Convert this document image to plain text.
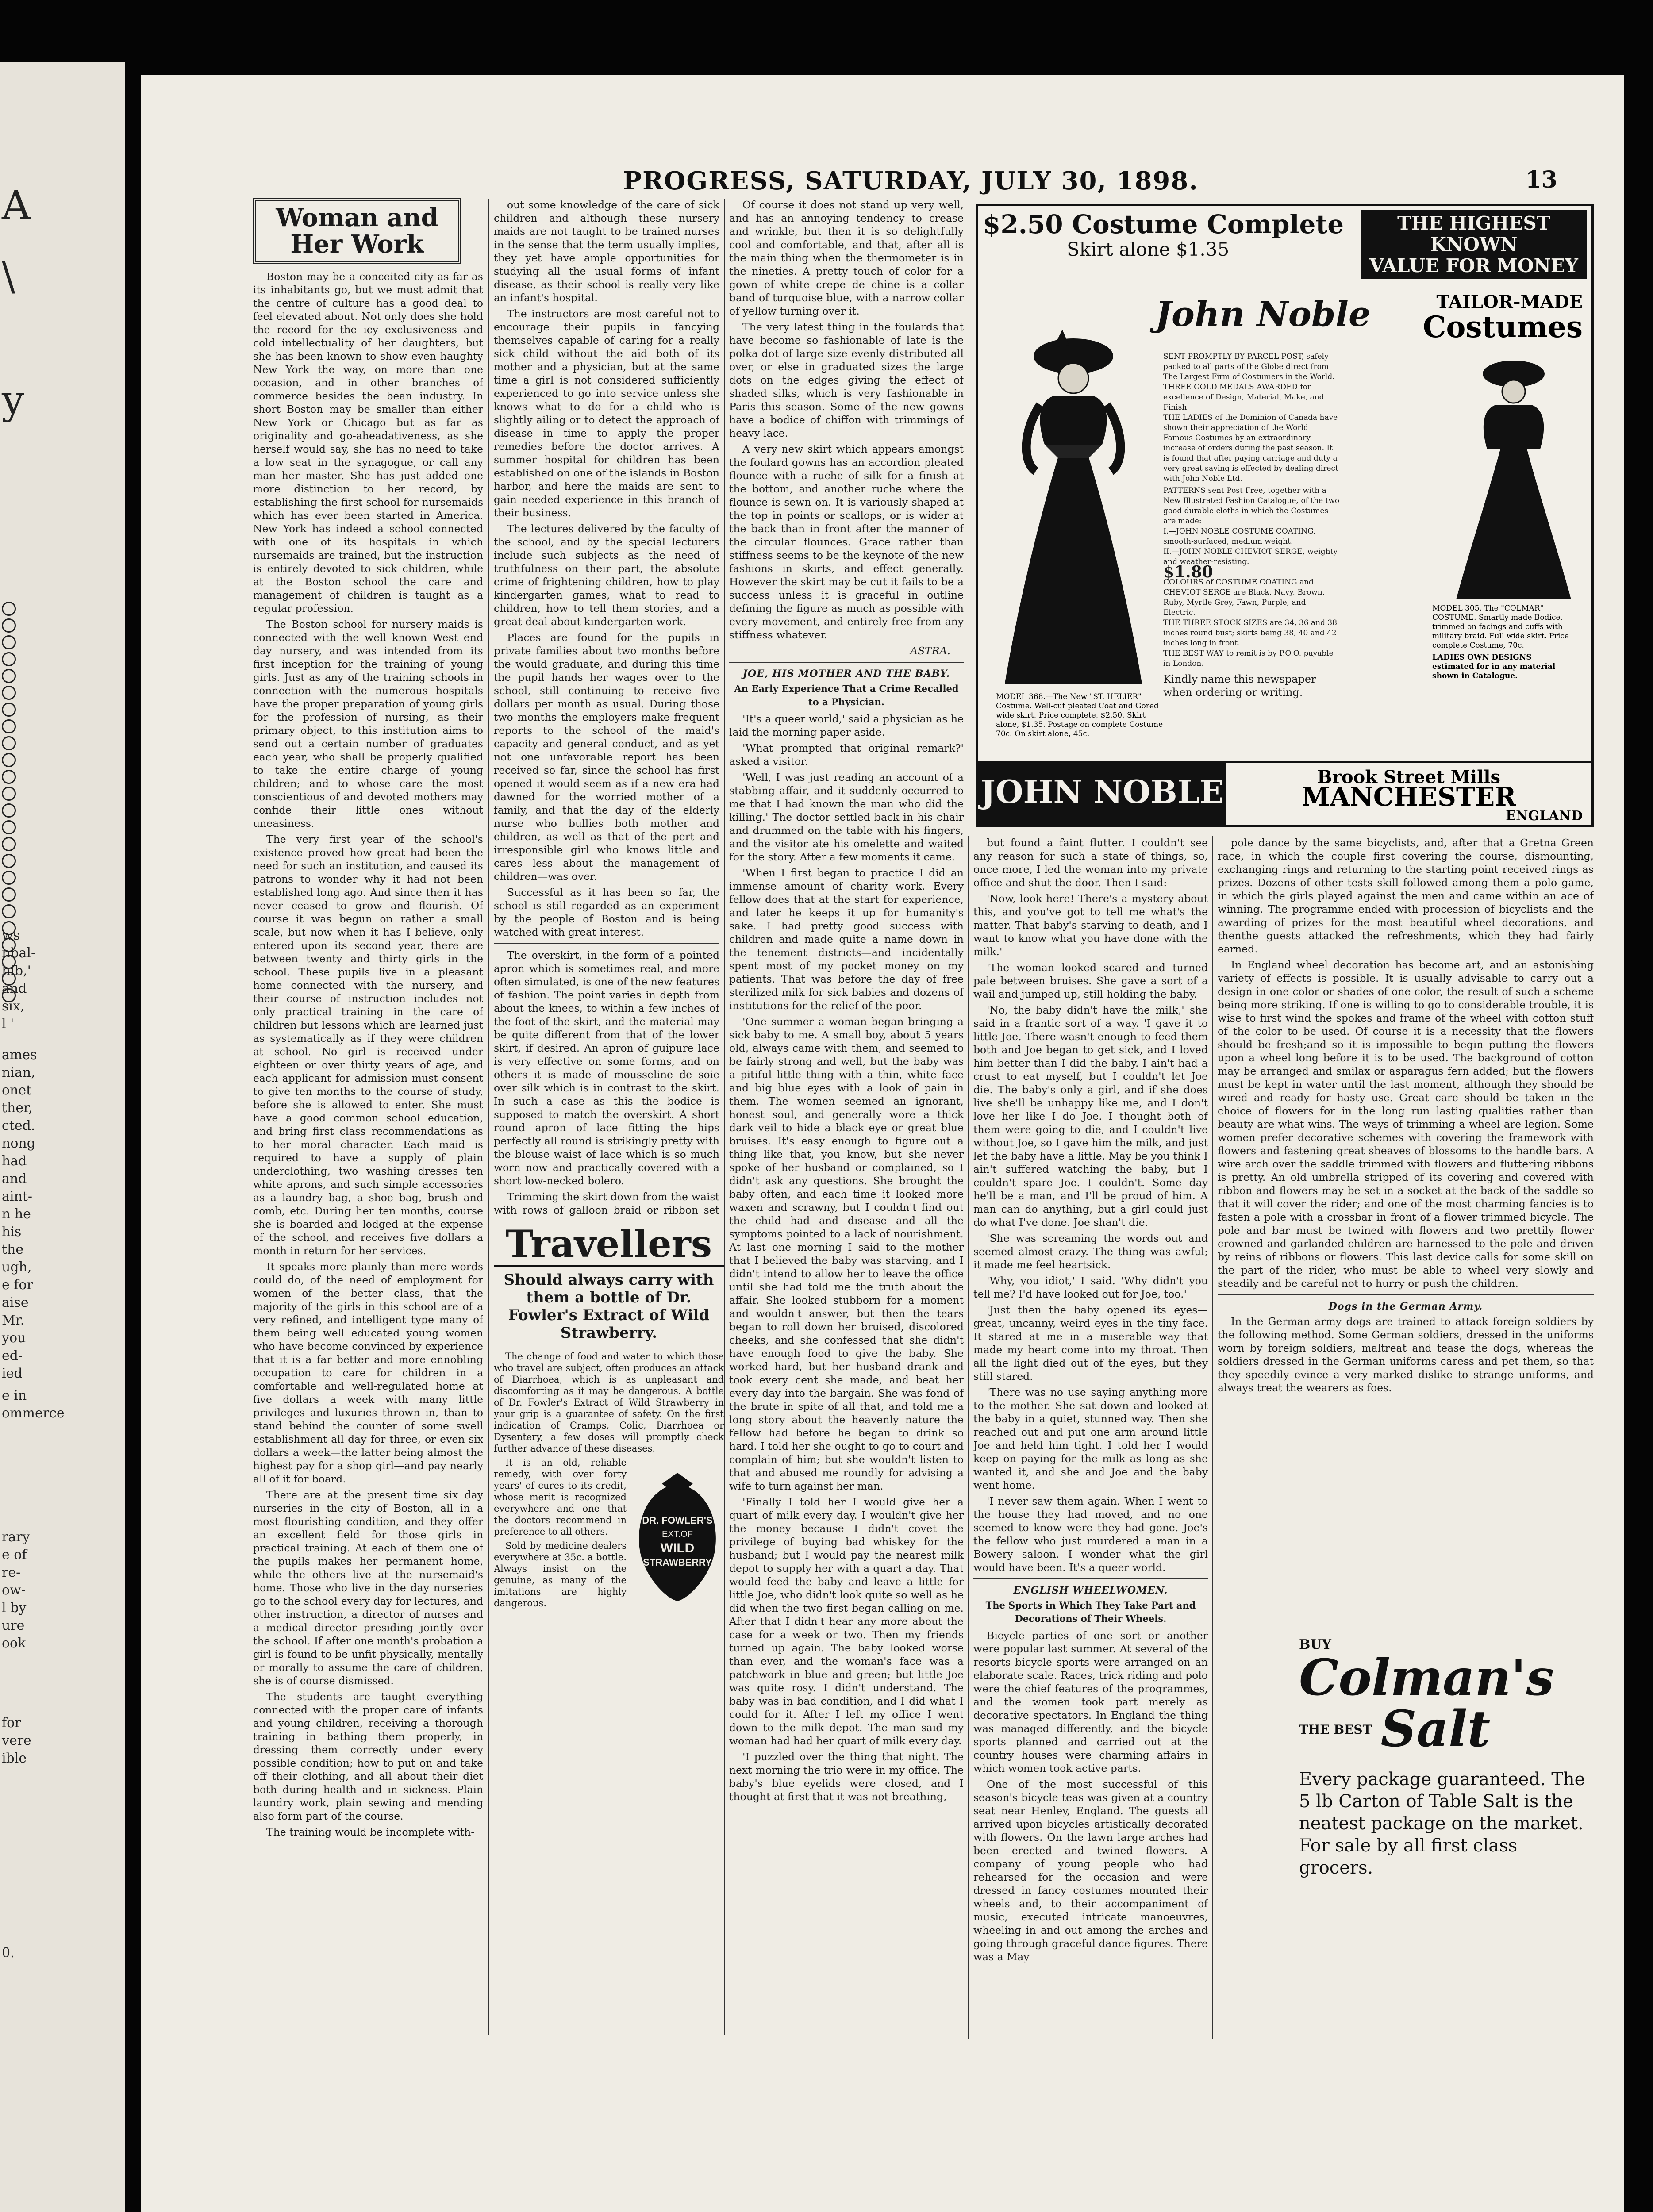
A
\
y
ws
nbal-
hib,'
and
six,
l '
ames
nian,
onet
ther,
cted.
nong
had
and
aint-
n he
his
the
ugh,
e for
aise
Mr.
you
ed-
ied
e in
ommerce
rary
e of
re-
ow-
l by
ure
ook
for
vere
ible
0.
PROGRESS, SATURDAY, JULY 30, 1898.	13
Woman and
Her Work

Boston may be a conceited city as far as its inhabitants go, but we must admit that the centre of culture has a good deal to feel elevated about. Not only does she hold the record for the icy exclusiveness and cold intellectuality of her daughters, but she has been known to show even haughty New York the way, on more than one occasion, and in other branches of commerce besides the bean industry. In short Boston may be smaller than either New York or Chicago but as far as originality and go-aheadativeness, as she herself would say, she has no need to take a low seat in the synagogue, or call any man her master. She has just added one more distinction to her record, by establishing the first school for nursemaids which has ever been started in America. New York has indeed a school connected with one of its hospitals in which nursemaids are trained, but the instruction is entirely devoted to sick children, while at the Boston school the care and management of children is taught as a regular profession.

The Boston school for nursery maids is connected with the well known West end day nursery, and was intended from its first inception for the training of young girls. Just as any of the training schools in connection with the numerous hospitals have the proper preparation of young girls for the profession of nursing, as their primary object, to this institution aims to send out a certain number of graduates each year, who shall be properly qualified to take the entire charge of young children; and to whose care the most conscientious of and devoted mothers may confide their little ones without uneasiness.

The very first year of the school's existence proved how great had been the need for such an institution, and caused its patrons to wonder why it had not been established long ago. And since then it has never ceased to grow and flourish. Of course it was begun on rather a small scale, but now when it has I believe, only entered upon its second year, there are between twenty and thirty girls in the school. These pupils live in a pleasant home connected with the nursery, and their course of instruction includes not only practical training in the care of children but lessons which are learned just as systematically as if they were children at school. No girl is received under eighteen or over thirty years of age, and each applicant for admission must consent to give ten months to the course of study, before she is allowed to enter. She must have a good common school education, and bring first class recommendations as to her moral character. Each maid is required to have a supply of plain underclothing, two washing dresses ten white aprons, and such simple accessories as a laundry bag, a shoe bag, brush and comb, etc. During her ten months, course she is boarded and lodged at the expense of the school, and receives five dollars a month in return for her services.

It speaks more plainly than mere words could do, of the need of employment for women of the better class, that the majority of the girls in this school are of a very refined, and intelligent type many of them being well educated young women who have become convinced by experience that it is a far better and more ennobling occupation to care for children in a comfortable and well-regulated home at five dollars a week with many little privileges and luxuries thrown in, than to stand behind the counter of some swell establishment all day for three, or even six dollars a week—the latter being almost the highest pay for a shop girl—and pay nearly all of it for board.

There are at the present time six day nurseries in the city of Boston, all in a most flourishing condition, and they offer an excellent field for those girls in practical training. At each of them one of the pupils makes her permanent home, while the others live at the nursemaid's home. Those who live in the day nurseries go to the school every day for lectures, and other instruction, a director of nurses and a medical director presiding jointly over the school. If after one month's probation a girl is found to be unfit physically, mentally or morally to assume the care of children, she is of course dismissed.

The students are taught everything connected with the proper care of infants and young children, receiving a thorough training in bathing them properly, in dressing them correctly under every possible condition; how to put on and take off their clothing, and all about their diet both during health and in sickness. Plain laundry work, plain sewing and mending also form part of the course.

The training would be incomplete with-

out some knowledge of the care of sick children and although these nursery maids are not taught to be trained nurses in the sense that the term usually implies, they yet have ample opportunities for studying all the usual forms of infant disease, as their school is really very like an infant's hospital.

The instructors are most careful not to encourage their pupils in fancying themselves capable of caring for a really sick child without the aid both of its mother and a physician, but at the same time a girl is not considered sufficiently experienced to go into service unless she knows what to do for a child who is slightly ailing or to detect the approach of disease in time to apply the proper remedies before the doctor arrives. A summer hospital for children has been established on one of the islands in Boston harbor, and here the maids are sent to gain needed experience in this branch of their business.

The lectures delivered by the faculty of the school, and by the special lecturers include such subjects as the need of truthfulness on their part, the absolute crime of frightening children, how to play kindergarten games, what to read to children, how to tell them stories, and a great deal about kindergarten work.

Places are found for the pupils in private families about two months before the would graduate, and during this time the pupil hands her wages over to the school, still continuing to receive five dollars per month as usual. During those two months the employers make frequent reports to the school of the maid's capacity and general conduct, and as yet not one unfavorable report has been received so far, since the school has first opened it would seem as if a new era had dawned for the worried mother of a family, and that the day of the elderly nurse who bullies both mother and children, as well as that of the pert and irresponsible girl who knows little and cares less about the management of children—was over.

Successful as it has been so far, the school is still regarded as an experiment by the people of Boston and is being watched with great interest.

The overskirt, in the form of a pointed apron which is sometimes real, and more often simulated, is one of the new features of fashion. The point varies in depth from about the knees, to within a few inches of the foot of the skirt, and the material may be quite different from that of the lower skirt, if desired. An apron of guipure lace is very effective on some forms, and on others it is made of mousseline de soie over silk which is in contrast to the skirt. In such a case as this the bodice is supposed to match the overskirt. A short round apron of lace fitting the hips perfectly all round is strikingly pretty with the blouse waist of lace which is so much worn now and practically covered with a short low-necked bolero.

Trimming the skirt down from the waist with rows of galloon braid or ribbon set

Travellers
Should always carry with them a bottle of Dr. Fowler's Extract of Wild Strawberry.

The change of food and water to which those who travel are subject, often produces an attack of Diarrhoea, which is as unpleasant and discomforting as it may be dangerous. A bottle of Dr. Fowler's Extract of Wild Strawberry in your grip is a guarantee of safety. On the first indication of Cramps, Colic, Diarrhoea or Dysentery, a few doses will promptly check further advance of these diseases.

It is an old, reliable remedy, with over forty years' of cures to its credit, whose merit is recognized everywhere and one that the doctors recommend in preference to all others.

Sold by medicine dealers everywhere at 35c. a bottle. Always insist on the genuine, as many of the imitations are highly dangerous.

DR. FOWLER'S
EXT.OF
WILD
STRAWBERRY

Of course it does not stand up very well, and has an annoying tendency to crease and wrinkle, but then it is so delightfully cool and comfortable, and that, after all is the main thing when the thermometer is in the nineties. A pretty touch of color for a gown of white crepe de chine is a collar band of turquoise blue, with a narrow collar of yellow turning over it.

The very latest thing in the foulards that have become so fashionable of late is the polka dot of large size evenly distributed all over, or else in graduated sizes the large dots on the edges giving the effect of shaded silks, which is very fashionable in Paris this season. Some of the new gowns have a bodice of chiffon with trimmings of heavy lace.

A very new skirt which appears amongst the foulard gowns has an accordion pleated flounce with a ruche of silk for a finish at the bottom, and another ruche where the flounce is sewn on. It is variously shaped at the top in points or scallops, or is wider at the back than in front after the manner of the circular flounces. Grace rather than stiffness seems to be the keynote of the new fashions in skirts, and effect generally. However the skirt may be cut it fails to be a success unless it is graceful in outline defining the figure as much as possible with every movement, and entirely free from any stiffness whatever.

ASTRA.
JOE, HIS MOTHER AND THE BABY.
An Early Experience That a Crime Recalled to a Physician.

'It's a queer world,' said a physician as he laid the morning paper aside.

'What prompted that original remark?' asked a visitor.

'Well, I was just reading an account of a stabbing affair, and it suddenly occurred to me that I had known the man who did the killing.' The doctor settled back in his chair and drummed on the table with his fingers, and the visitor ate his omelette and waited for the story. After a few moments it came.

'When I first began to practice I did an immense amount of charity work. Every fellow does that at the start for experience, and later he keeps it up for humanity's sake. I had pretty good success with children and made quite a name down in the tenement districts—and incidentally spent most of my pocket money on my patients. That was before the day of free sterilized milk for sick babies and dozens of institutions for the relief of the poor.

'One summer a woman began bringing a sick baby to me. A small boy, about 5 years old, always came with them, and seemed to be fairly strong and well, but the baby was a pitiful little thing with a thin, white face and big blue eyes with a look of pain in them. The women seemed an ignorant, honest soul, and generally wore a thick dark veil to hide a black eye or great blue bruises. It's easy enough to figure out a thing like that, you know, but she never spoke of her husband or complained, so I didn't ask any questions. She brought the baby often, and each time it looked more waxen and scrawny, but I couldn't find out the child had and disease and all the symptoms pointed to a lack of nourishment. At last one morning I said to the mother that I believed the baby was starving, and I didn't intend to allow her to leave the office until she had told me the truth about the affair. She looked stubborn for a moment and wouldn't answer, but then the tears began to roll down her bruised, discolored cheeks, and she confessed that she didn't have enough food to give the baby. She worked hard, but her husband drank and took every cent she made, and beat her every day into the bargain. She was fond of the brute in spite of all that, and told me a long story about the heavenly nature the fellow had before he began to drink so hard. I told her she ought to go to court and complain of him; but she wouldn't listen to that and abused me roundly for advising a wife to turn against her man.

'Finally I told her I would give her a quart of milk every day. I wouldn't give her the money because I didn't covet the privilege of buying bad whiskey for the husband; but I would pay the nearest milk depot to supply her with a quart a day. That would feed the baby and leave a little for little Joe, who didn't look quite so well as he did when the two first began calling on me. After that I didn't hear any more about the case for a week or two. Then my friends turned up again. The baby looked worse than ever, and the woman's face was a patchwork in blue and green; but little Joe was quite rosy. I didn't understand. The baby was in bad condition, and I did what I could for it. After I left my office I went down to the milk depot. The man said my woman had had her quart of milk every day.

'I puzzled over the thing that night. The next morning the trio were in my office. The baby's blue eyelids were closed, and I thought at first that it was not breathing,

$2.50 Costume Complete
Skirt alone $1.35
THE HIGHEST KNOWN
VALUE FOR MONEY
John Noble	TAILOR-MADE
Costumes
SENT PROMPTLY BY PARCEL POST, safely packed to all parts of the Globe direct from The Largest Firm of Costumers in the World. THREE GOLD MEDALS AWARDED for excellence of Design, Material, Make, and Finish.
THE LADIES of the Dominion of Canada have shown their appreciation of the World Famous Costumes by an extraordinary increase of orders during the past season. It is found that after paying carriage and duty a very great saving is effected by dealing direct with John Noble Ltd.
PATTERNS sent Post Free, together with a New Illustrated Fashion Catalogue, of the two good durable cloths in which the Costumes are made:
I.—JOHN NOBLE COSTUME COATING, smooth-surfaced, medium weight.
II.—JOHN NOBLE CHEVIOT SERGE, weighty and weather-resisting.
$1.80
COLOURS of COSTUME COATING and CHEVIOT SERGE are Black, Navy, Brown, Ruby, Myrtle Grey, Fawn, Purple, and Electric.
THE THREE STOCK SIZES are 34, 36 and 38 inches round bust; skirts being 38, 40 and 42 inches long in front.
THE BEST WAY to remit is by P.O.O. payable in London.
Kindly name this newspaper when ordering or writing.
MODEL 368.—The New "ST. HELIER" Costume. Well-cut pleated Coat and Gored wide skirt. Price complete, $2.50. Skirt alone, $1.35. Postage on complete Costume 70c. On skirt alone, 45c.
MODEL 305. The "COLMAR" COSTUME. Smartly made Bodice, trimmed on facings and cuffs with military braid. Full wide skirt. Price complete Costume, 70c.
LADIES OWN DESIGNS estimated for in any material shown in Catalogue.
JOHN NOBLE	Brook Street Mills
MANCHESTER
ENGLAND

but found a faint flutter. I couldn't see any reason for such a state of things, so, once more, I led the woman into my private office and shut the door. Then I said:

'Now, look here! There's a mystery about this, and you've got to tell me what's the matter. That baby's starving to death, and I want to know what you have done with the milk.'

'The woman looked scared and turned pale between bruises. She gave a sort of a wail and jumped up, still holding the baby.

'No, the baby didn't have the milk,' she said in a frantic sort of a way. 'I gave it to little Joe. There wasn't enough to feed them both and Joe began to get sick, and I loved him better than I did the baby. I ain't had a crust to eat myself, but I couldn't let Joe die. The baby's only a girl, and if she does live she'll be unhappy like me, and I don't love her like I do Joe. I thought both of them were going to die, and I couldn't live without Joe, so I gave him the milk, and just let the baby have a little. May be you think I ain't suffered watching the baby, but I couldn't spare Joe. I couldn't. Some day he'll be a man, and I'll be proud of him. A man can do anything, but a girl could just do what I've done. Joe shan't die.

'She was screaming the words out and seemed almost crazy. The thing was awful; it made me feel heartsick.

'Why, you idiot,' I said. 'Why didn't you tell me? I'd have looked out for Joe, too.'

'Just then the baby opened its eyes—great, uncanny, weird eyes in the tiny face. It stared at me in a miserable way that made my heart come into my throat. Then all the light died out of the eyes, but they still stared.

'There was no use saying anything more to the mother. She sat down and looked at the baby in a quiet, stunned way. Then she reached out and put one arm around little Joe and held him tight. I told her I would keep on paying for the milk as long as she wanted it, and she and Joe and the baby went home.

'I never saw them again. When I went to the house they had moved, and no one seemed to know were they had gone. Joe's the fellow who just murdered a man in a Bowery saloon. I wonder what the girl would have been. It's a queer world.

ENGLISH WHEELWOMEN.
The Sports in Which They Take Part and Decorations of Their Wheels.

Bicycle parties of one sort or another were popular last summer. At several of the resorts bicycle sports were arranged on an elaborate scale. Races, trick riding and polo were the chief features of the programmes, and the women took part merely as decorative spectators. In England the thing was managed differently, and the bicycle sports planned and carried out at the country houses were charming affairs in which women took active parts.

One of the most successful of this season's bicycle teas was given at a country seat near Henley, England. The guests all arrived upon bicycles artistically decorated with flowers. On the lawn large arches had been erected and twined flowers. A company of young people who had rehearsed for the occasion and were dressed in fancy costumes mounted their wheels and, to their accompaniment of music, executed intricate manoeuvres, wheeling in and out among the arches and going through graceful dance figures. There was a May

pole dance by the same bicyclists, and, after that a Gretna Green race, in which the couple first covering the course, dismounting, exchanging rings and returning to the starting point received rings as prizes. Dozens of other tests skill followed among them a polo game, in which the girls played against the men and came within an ace of winning. The programme ended with procession of bicyclists and the awarding of prizes for the most beautiful wheel decorations, and thenthe guests attacked the refreshments, which they had fairly earned.

In England wheel decoration has become art, and an astonishing variety of effects is possible. It is usually advisable to carry out a design in one color or shades of one color, the result of such a scheme being more striking. If one is willing to go to considerable trouble, it is wise to first wind the spokes and frame of the wheel with cotton stuff of the color to be used. Of course it is a necessity that the flowers should be fresh;and so it is impossible to begin putting the flowers upon a wheel long before it is to be used. The background of cotton may be arranged and smilax or asparagus fern added; but the flowers must be kept in water until the last moment, although they should be wired and ready for hasty use. Great care should be taken in the choice of flowers for in the long run lasting qualities rather than beauty are what wins. The ways of trimming a wheel are legion. Some women prefer decorative schemes with covering the framework with flowers and fastening great sheaves of blossoms to the handle bars. A wire arch over the saddle trimmed with flowers and fluttering ribbons is pretty. An old umbrella stripped of its covering and covered with ribbon and flowers may be set in a socket at the back of the saddle so that it will cover the rider; and one of the most charming fancies is to fasten a pole with a crossbar in front of a flower trimmed bicycle. The pole and bar must be twined with flowers and two prettily flower crowned and garlanded children are harnessed to the pole and driven by reins of ribbons or flowers. This last device calls for some skill on the part of the rider, who must be able to wheel very slowly and steadily and be careful not to hurry or push the children.

Dogs in the German Army.

In the German army dogs are trained to attack foreign soldiers by the following method. Some German soldiers, dressed in the uniforms worn by foreign soldiers, maltreat and tease the dogs, whereas the soldiers dressed in the German uniforms caress and pet them, so that they speedily evince a very marked dislike to strange uniforms, and always treat the wearers as foes.

BUY
Colman's
THE BEST Salt
Every package guaranteed. The 5 lb Carton of Table Salt is the neatest package on the market. For sale by all first class grocers.
